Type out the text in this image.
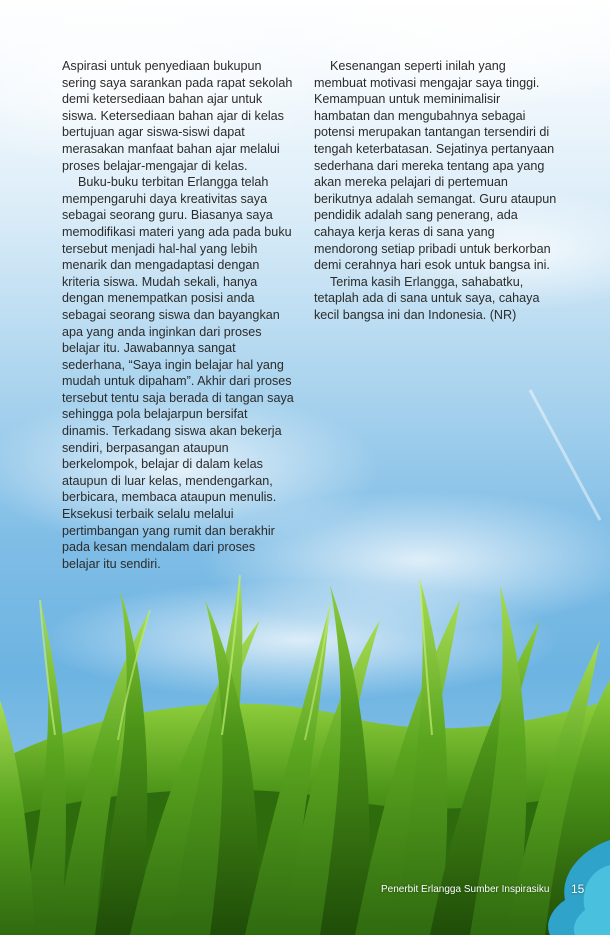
Aspirasi untuk penyediaan bukupun sering saya sarankan pada rapat sekolah demi ketersediaan bahan ajar untuk siswa. Ketersediaan bahan ajar di kelas bertujuan agar siswa-siswi dapat merasakan manfaat bahan ajar melalui proses belajar-mengajar di kelas.

Buku-buku terbitan Erlangga telah mempengaruhi daya kreativitas saya sebagai seorang guru. Biasanya saya memodifikasi materi yang ada pada buku tersebut menjadi hal-hal yang lebih menarik dan mengadaptasi dengan kriteria siswa. Mudah sekali, hanya dengan menempatkan posisi anda sebagai seorang siswa dan bayangkan apa yang anda inginkan dari proses belajar itu. Jawabannya sangat sederhana, “Saya ingin belajar hal yang mudah untuk dipaham”. Akhir dari proses tersebut tentu saja berada di tangan saya sehingga pola belajarpun bersifat dinamis. Terkadang siswa akan bekerja sendiri, berpasangan ataupun berkelompok, belajar di dalam kelas ataupun di luar kelas, mendengarkan, berbicara, membaca ataupun menulis. Eksekusi terbaik selalu melalui pertimbangan yang rumit dan berakhir pada kesan mendalam dari proses belajar itu sendiri.

Kesenangan seperti inilah yang membuat motivasi mengajar saya tinggi. Kemampuan untuk meminimalisir hambatan dan mengubahnya sebagai potensi merupakan tantangan tersendiri di tengah keterbatasan. Sejatinya pertanyaan sederhana dari mereka tentang apa yang akan mereka pelajari di pertemuan berikutnya adalah semangat. Guru ataupun pendidik adalah sang penerang, ada cahaya kerja keras di sana yang mendorong setiap pribadi untuk berkorban demi cerahnya hari esok untuk bangsa ini.

Terima kasih Erlangga, sahabatku, tetaplah ada di sana untuk saya, cahaya kecil bangsa ini dan Indonesia. (NR)

Penerbit Erlangga Sumber Inspirasiku 15
